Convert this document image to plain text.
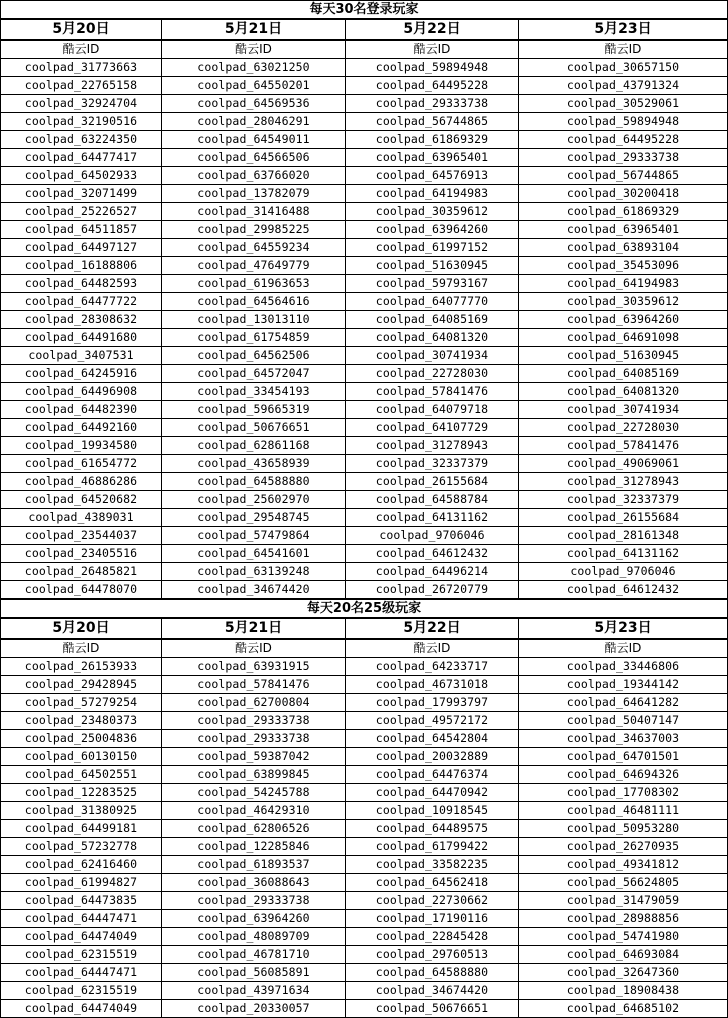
每天30名登录玩家			
5月20日	5月21日	5月22日	5月23日
酷云ID	酷云ID	酷云ID	酷云ID
coolpad_31773663	coolpad_63021250	coolpad_59894948	coolpad_30657150
coolpad_22765158	coolpad_64550201	coolpad_64495228	coolpad_43791324
coolpad_32924704	coolpad_64569536	coolpad_29333738	coolpad_30529061
coolpad_32190516	coolpad_28046291	coolpad_56744865	coolpad_59894948
coolpad_63224350	coolpad_64549011	coolpad_61869329	coolpad_64495228
coolpad_64477417	coolpad_64566506	coolpad_63965401	coolpad_29333738
coolpad_64502933	coolpad_63766020	coolpad_64576913	coolpad_56744865
coolpad_32071499	coolpad_13782079	coolpad_64194983	coolpad_30200418
coolpad_25226527	coolpad_31416488	coolpad_30359612	coolpad_61869329
coolpad_64511857	coolpad_29985225	coolpad_63964260	coolpad_63965401
coolpad_64497127	coolpad_64559234	coolpad_61997152	coolpad_63893104
coolpad_16188806	coolpad_47649779	coolpad_51630945	coolpad_35453096
coolpad_64482593	coolpad_61963653	coolpad_59793167	coolpad_64194983
coolpad_64477722	coolpad_64564616	coolpad_64077770	coolpad_30359612
coolpad_28308632	coolpad_13013110	coolpad_64085169	coolpad_63964260
coolpad_64491680	coolpad_61754859	coolpad_64081320	coolpad_64691098
coolpad_3407531	coolpad_64562506	coolpad_30741934	coolpad_51630945
coolpad_64245916	coolpad_64572047	coolpad_22728030	coolpad_64085169
coolpad_64496908	coolpad_33454193	coolpad_57841476	coolpad_64081320
coolpad_64482390	coolpad_59665319	coolpad_64079718	coolpad_30741934
coolpad_64492160	coolpad_50676651	coolpad_64107729	coolpad_22728030
coolpad_19934580	coolpad_62861168	coolpad_31278943	coolpad_57841476
coolpad_61654772	coolpad_43658939	coolpad_32337379	coolpad_49069061
coolpad_46886286	coolpad_64588880	coolpad_26155684	coolpad_31278943
coolpad_64520682	coolpad_25602970	coolpad_64588784	coolpad_32337379
coolpad_4389031	coolpad_29548745	coolpad_64131162	coolpad_26155684
coolpad_23544037	coolpad_57479864	coolpad_9706046	coolpad_28161348
coolpad_23405516	coolpad_64541601	coolpad_64612432	coolpad_64131162
coolpad_26485821	coolpad_63139248	coolpad_64496214	coolpad_9706046
coolpad_64478070	coolpad_34674420	coolpad_26720779	coolpad_64612432
每天20名25级玩家			
5月20日	5月21日	5月22日	5月23日
酷云ID	酷云ID	酷云ID	酷云ID
coolpad_26153933	coolpad_63931915	coolpad_64233717	coolpad_33446806
coolpad_29428945	coolpad_57841476	coolpad_46731018	coolpad_19344142
coolpad_57279254	coolpad_62700804	coolpad_17993797	coolpad_64641282
coolpad_23480373	coolpad_29333738	coolpad_49572172	coolpad_50407147
coolpad_25004836	coolpad_29333738	coolpad_64542804	coolpad_34637003
coolpad_60130150	coolpad_59387042	coolpad_20032889	coolpad_64701501
coolpad_64502551	coolpad_63899845	coolpad_64476374	coolpad_64694326
coolpad_12283525	coolpad_54245788	coolpad_64470942	coolpad_17708302
coolpad_31380925	coolpad_46429310	coolpad_10918545	coolpad_46481111
coolpad_64499181	coolpad_62806526	coolpad_64489575	coolpad_50953280
coolpad_57232778	coolpad_12285846	coolpad_61799422	coolpad_26270935
coolpad_62416460	coolpad_61893537	coolpad_33582235	coolpad_49341812
coolpad_61994827	coolpad_36088643	coolpad_64562418	coolpad_56624805
coolpad_64473835	coolpad_29333738	coolpad_22730662	coolpad_31479059
coolpad_64447471	coolpad_63964260	coolpad_17190116	coolpad_28988856
coolpad_64474049	coolpad_48089709	coolpad_22845428	coolpad_54741980
coolpad_62315519	coolpad_46781710	coolpad_29760513	coolpad_64693084
coolpad_64447471	coolpad_56085891	coolpad_64588880	coolpad_32647360
coolpad_62315519	coolpad_43971634	coolpad_34674420	coolpad_18908438
coolpad_64474049	coolpad_20330057	coolpad_50676651	coolpad_64685102
